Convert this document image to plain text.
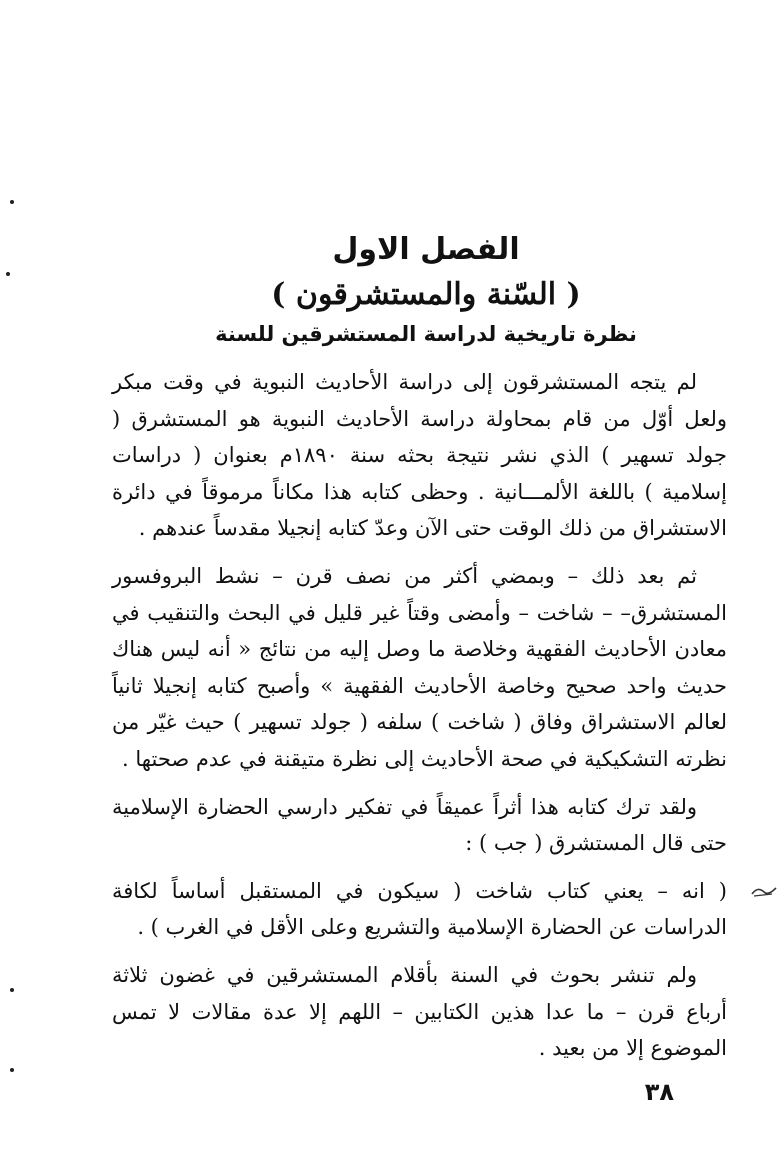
الفصل الاول
( السّنة والمستشرقون )
نظرة تاريخية لدراسة المستشرقين للسنة

لم يتجه المستشرقون إلى دراسة الأحاديث النبوية في وقت مبكر ولعل أوّل من قام بمحاولة دراسة الأحاديث النبوية هو المستشرق ( جولد تسهير ) الذي نشر نتيجة بحثه سنة ١٨٩٠م بعنوان ( دراسات إسلامية ) باللغة الألمـــانية . وحظى كتابه هذا مكاناً مرموقاً في دائرة الاستشراق من ذلك الوقت حتى الآن وعدّ كتابه إنجيلا مقدساً عندهم .

ثم بعد ذلك – وبمضي أكثر من نصف قرن – نشط البروفسور المستشرق– – شاخت – وأمضى وقتاً غير قليل في البحث والتنقيب في معادن الأحاديث الفقهية وخلاصة ما وصل إليه من نتائج « أنه ليس هناك حديث واحد صحيح وخاصة الأحاديث الفقهية » وأصبح كتابه إنجيلا ثانياً لعالم الاستشراق وفاق ( شاخت ) سلفه ( جولد تسهير ) حيث غيّر من نظرته التشكيكية في صحة الأحاديث إلى نظرة متيقنة في عدم صحتها .

ولقد ترك كتابه هذا أثراً عميقاً في تفكير دارسي الحضارة الإسلامية حتى قال المستشرق ( جب ) :

( انه – يعني كتاب شاخت ( سيكون في المستقبل أساساً لكافة الدراسات عن الحضارة الإسلامية والتشريع وعلى الأقل في الغرب ) .

ولم تنشر بحوث في السنة بأقلام المستشرقين في غضون ثلاثة أرباع قرن – ما عدا هذين الكتابين – اللهم إلا عدة مقالات لا تمس الموضوع إلا من بعيد .

٣٨
